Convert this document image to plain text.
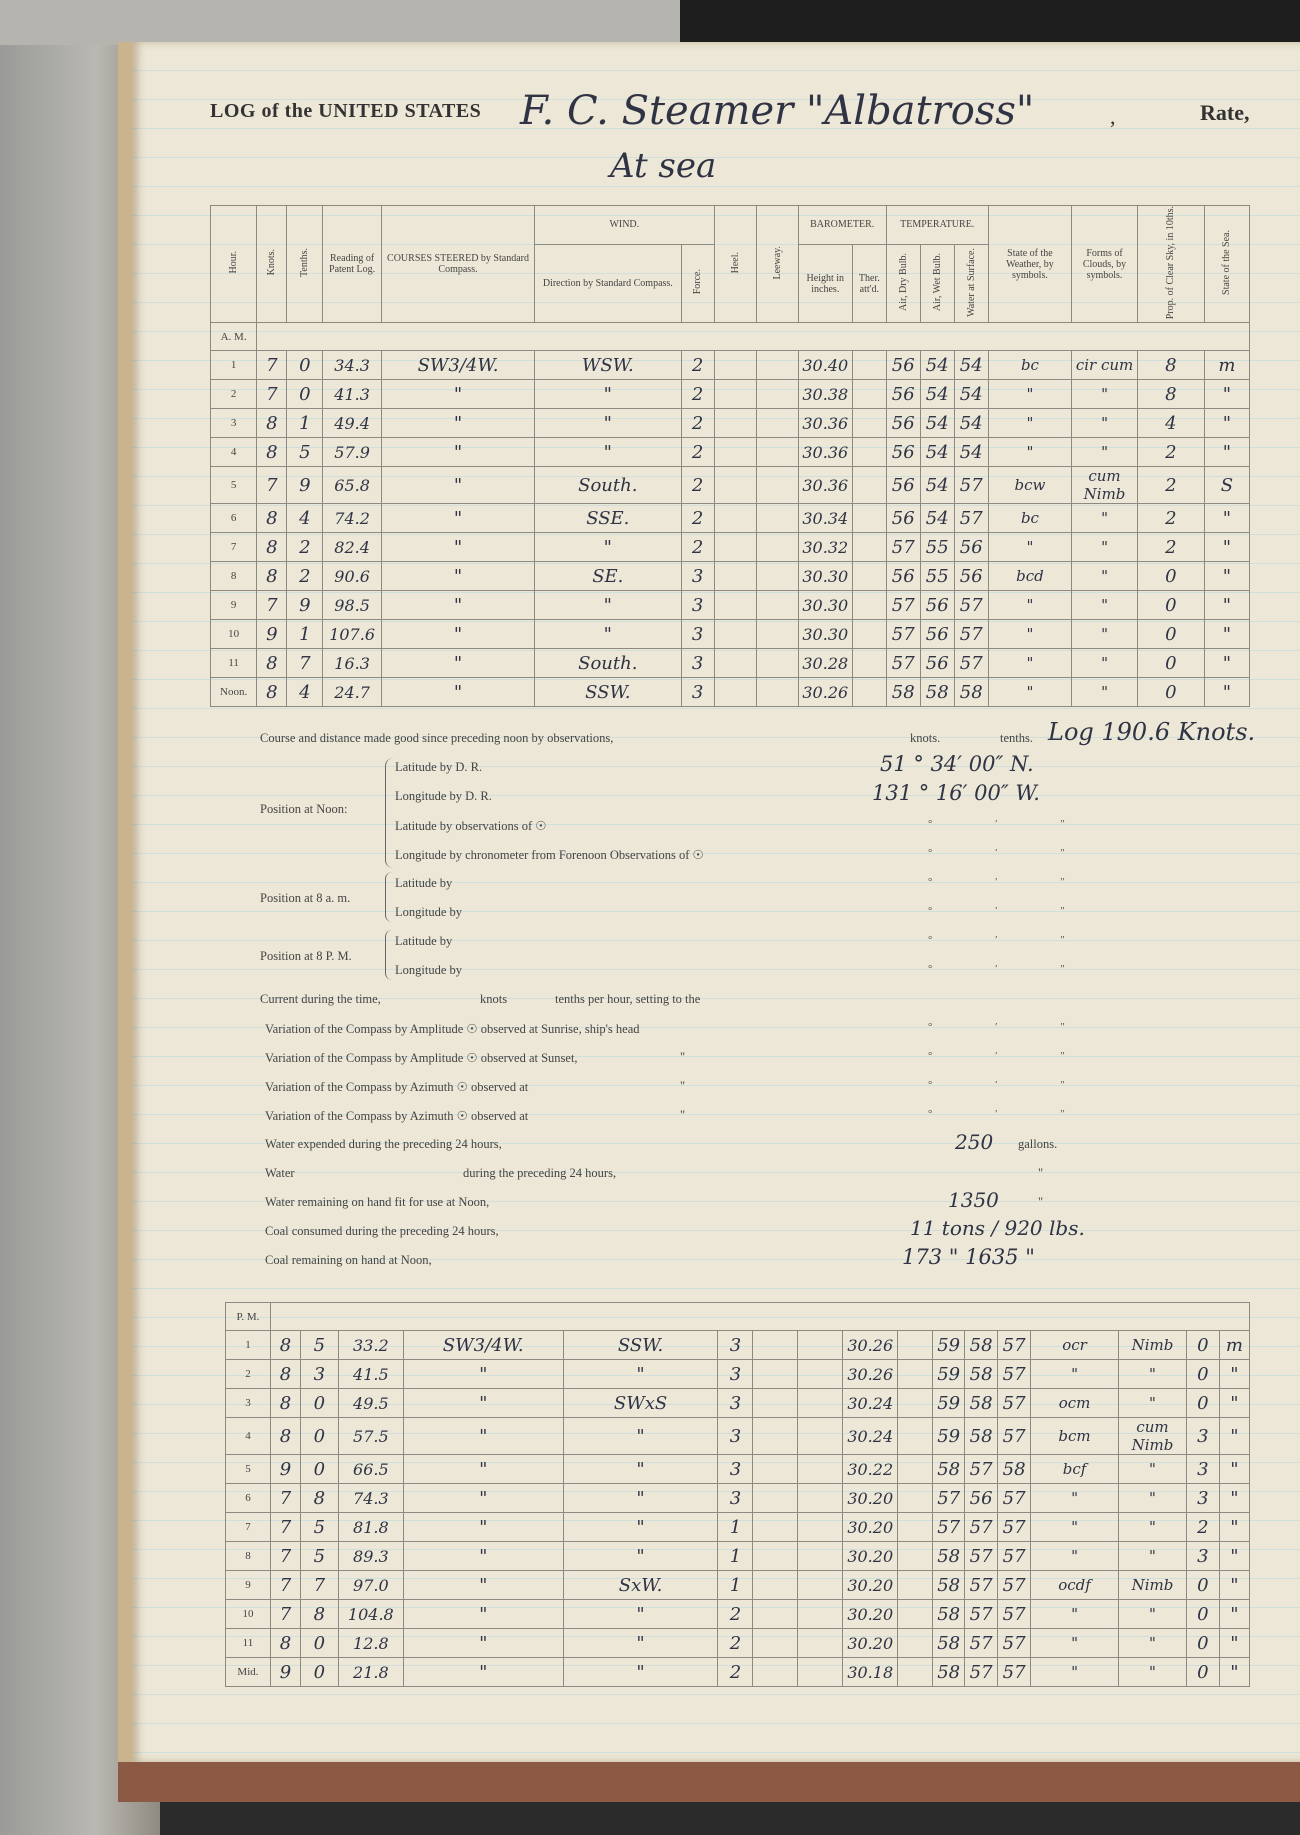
LOG of the UNITED STATES F. C. Steamer "Albatross"	,	Rate,
At sea
Hour.	Knots.	Tenths.	Reading of Patent Log.	COURSES STEERED by Standard Compass.	WIND.		Heel.	Leeway.	BAROMETER.		TEMPERATURE.			State of the Weather, by symbols.	Forms of Clouds, by symbols.	Prop. of Clear Sky, in 10ths.	State of the Sea.
					Direction by Standard Compass.	Force.			Height in inches.	Ther. att'd.	Air, Dry Bulb.	Air, Wet Bulb.	Water at Surface.				
A. M.																	
1	7	0	34.3	SW3/4W.	WSW.	2			30.40		56	54	54	bc	cir cum	8	m
2	7	0	41.3	"	"	2			30.38		56	54	54	"	"	8	"
3	8	1	49.4	"	"	2			30.36		56	54	54	"	"	4	"
4	8	5	57.9	"	"	2			30.36		56	54	54	"	"	2	"
5	7	9	65.8	"	South.	2			30.36		56	54	57	bcw	cum Nimb	2	S
6	8	4	74.2	"	SSE.	2			30.34		56	54	57	bc	"	2	"
7	8	2	82.4	"	"	2			30.32		57	55	56	"	"	2	"
8	8	2	90.6	"	SE.	3			30.30		56	55	56	bcd	"	0	"
9	7	9	98.5	"	"	3			30.30		57	56	57	"	"	0	"
10	9	1	107.6	"	"	3			30.30		57	56	57	"	"	0	"
11	8	7	16.3	"	South.	3			30.28		57	56	57	"	"	0	"
Noon.	8	4	24.7	"	SSW.	3			30.26		58	58	58	"	"	0	"
Course and distance made good since preceding noon by observations,	knots.	tenths. Log 190.6 Knots.
Position at Noon:
Latitude by D. R.	51 ° 34′ 00″ N.
Longitude by D. R.	131 ° 16′ 00″ W.
Latitude by observations of ☉	° ′ ″
Longitude by chronometer from Forenoon Observations of ☉	° ′ ″
Position at 8 a. m.
Latitude by	° ′ ″
Longitude by	° ′ ″
Position at 8 P. M.
Latitude by	° ′ ″
Longitude by	° ′ ″
Current during the time,	knots	tenths per hour, setting to the
Variation of the Compass by Amplitude ☉ observed at Sunrise, ship's head	° ′ ″
Variation of the Compass by Amplitude ☉ observed at Sunset,	"	° ′ ″
Variation of the Compass by Azimuth ☉ observed at	"	° ′ ″
Variation of the Compass by Azimuth ☉ observed at	"	° ′ ″
Water expended during the preceding 24 hours,	250 gallons.
Water	during the preceding 24 hours,	"
Water remaining on hand fit for use at Noon,	1350	"
Coal consumed during the preceding 24 hours,	11 tons / 920 lbs.
Coal remaining on hand at Noon,	173 " 1635 "
P. M.																	
1	8	5	33.2	SW3/4W.	SSW.	3			30.26		59	58	57	ocr	Nimb	0	m
2	8	3	41.5	"	"	3			30.26		59	58	57	"	"	0	"
3	8	0	49.5	"	SWxS	3			30.24		59	58	57	ocm	"	0	"
4	8	0	57.5	"	"	3			30.24		59	58	57	bcm	cum Nimb	3	"
5	9	0	66.5	"	"	3			30.22		58	57	58	bcf	"	3	"
6	7	8	74.3	"	"	3			30.20		57	56	57	"	"	3	"
7	7	5	81.8	"	"	1			30.20		57	57	57	"	"	2	"
8	7	5	89.3	"	"	1			30.20		58	57	57	"	"	3	"
9	7	7	97.0	"	SxW.	1			30.20		58	57	57	ocdf	Nimb	0	"
10	7	8	104.8	"	"	2			30.20		58	57	57	"	"	0	"
11	8	0	12.8	"	"	2			30.20		58	57	57	"	"	0	"
Mid.	9	0	21.8	"	"	2			30.18		58	57	57	"	"	0	"
